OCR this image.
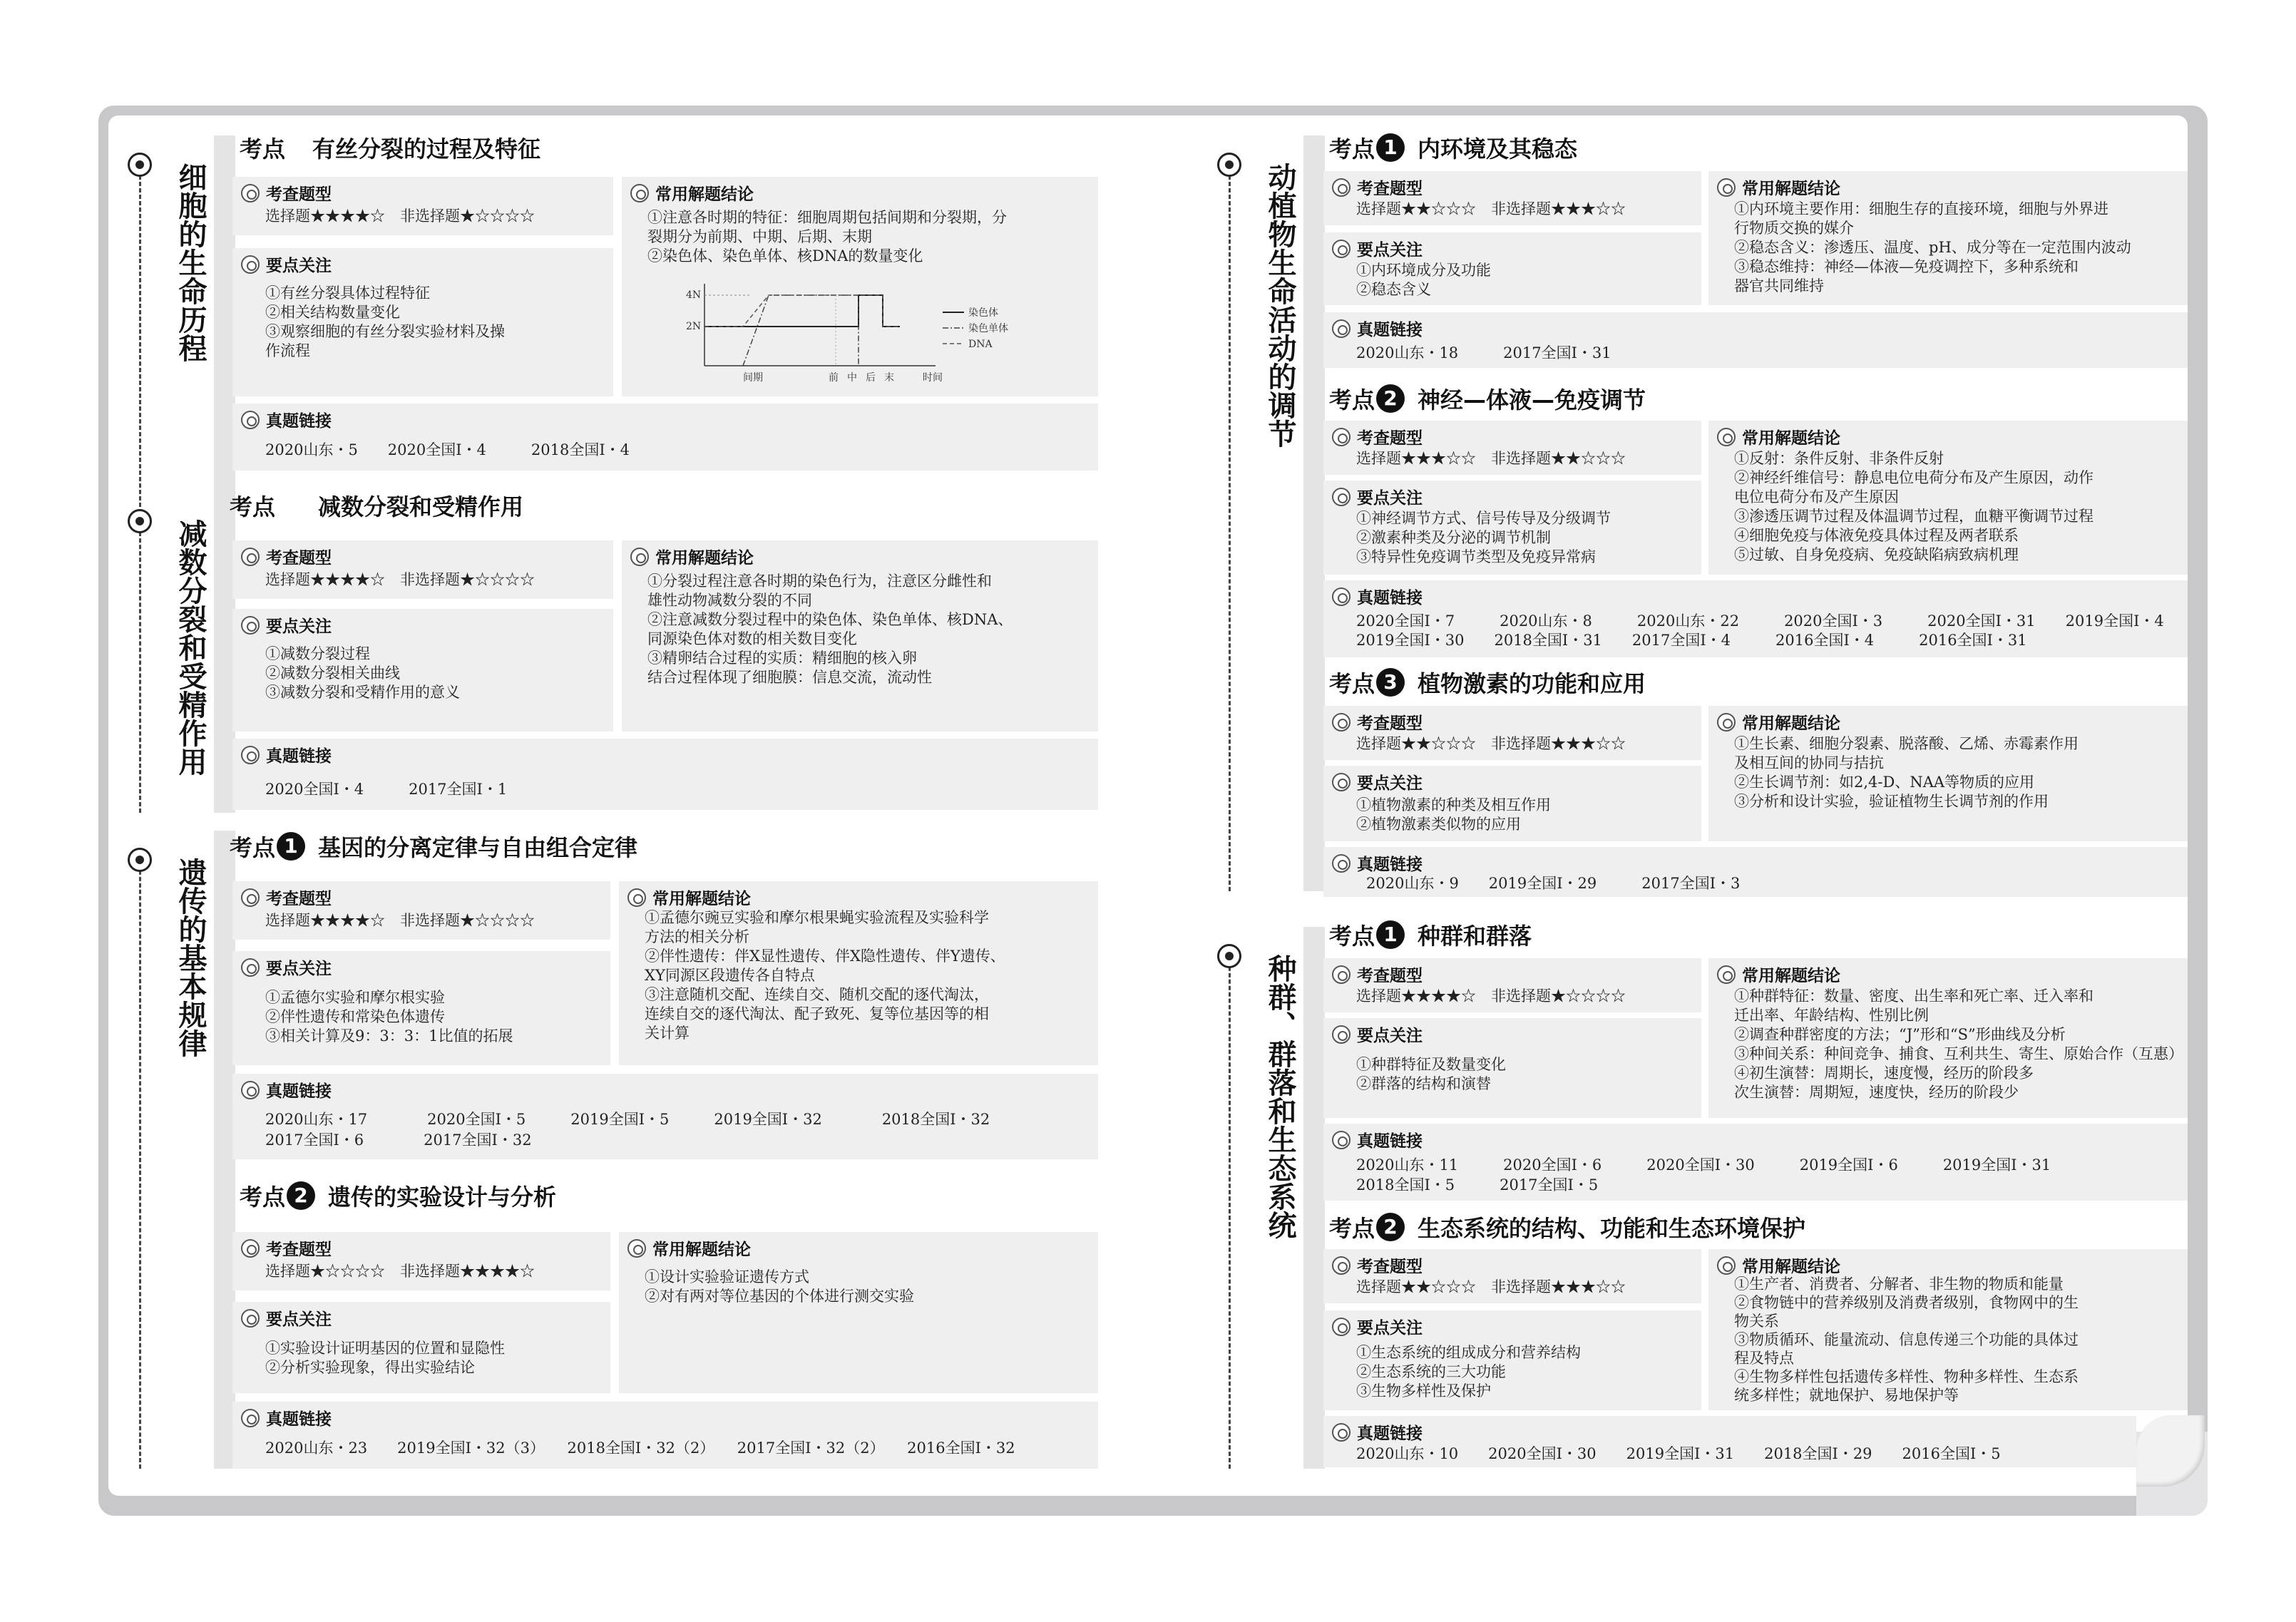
细胞的生命历程
减数分裂和受精作用
遗传的基本规律
考点 有丝分裂的过程及特征
考查题型
选择题★★★★☆　非选择题★☆☆☆☆
要点关注
①有丝分裂具体过程特征
②相关结构数量变化
③观察细胞的有丝分裂实验材料及操
作流程
常用解题结论
①注意各时期的特征：细胞周期包括间期和分裂期，分
裂期分为前期、中期、后期、末期
②染色体、染色单体、核DNA的数量变化
4N
2N
间期	前 中 后 末	时间
染色体
染色单体
DNA
真题链接
2020山东・5　　2020全国Ⅰ・4　　　2018全国Ⅰ・4
考点 减数分裂和受精作用
考查题型
选择题★★★★☆　非选择题★☆☆☆☆
要点关注
①减数分裂过程
②减数分裂相关曲线
③减数分裂和受精作用的意义
常用解题结论
①分裂过程注意各时期的染色行为，注意区分雌性和
雄性动物减数分裂的不同
②注意减数分裂过程中的染色体、染色单体、核DNA、
同源染色体对数的相关数目变化
③精卵结合过程的实质：精细胞的核入卵
结合过程体现了细胞膜：信息交流，流动性
真题链接
2020全国Ⅰ・4　　　2017全国Ⅰ・1
考点 1 基因的分离定律与自由组合定律
考查题型
选择题★★★★☆　非选择题★☆☆☆☆
要点关注
①孟德尔实验和摩尔根实验
②伴性遗传和常染色体遗传
③相关计算及9：3：3：1比值的拓展
常用解题结论
①孟德尔豌豆实验和摩尔根果蝇实验流程及实验科学
方法的相关分析
②伴性遗传：伴X显性遗传、伴X隐性遗传、伴Y遗传、
XY同源区段遗传各自特点
③注意随机交配、连续自交、随机交配的逐代淘汰，
连续自交的逐代淘汰、配子致死、复等位基因等的相
关计算
真题链接
2020山东・17　　　　2020全国Ⅰ・5　　　2019全国Ⅰ・5　　　2019全国Ⅰ・32　　　　2018全国Ⅰ・32
2017全国Ⅰ・6　　　　2017全国Ⅰ・32
考点 2 遗传的实验设计与分析
考查题型
选择题★☆☆☆☆　非选择题★★★★☆
要点关注
①实验设计证明基因的位置和显隐性
②分析实验现象，得出实验结论
常用解题结论
①设计实验验证遗传方式
②对有两对等位基因的个体进行测交实验
真题链接
2020山东・23　　2019全国Ⅰ・32（3）　　2018全国Ⅰ・32（2）　　2017全国Ⅰ・32（2）　　2016全国Ⅰ・32
动植物生命活动的调节
种群、群落和生态系统
考点 1 内环境及其稳态
考查题型
选择题★★☆☆☆　非选择题★★★☆☆
要点关注
①内环境成分及功能
②稳态含义
常用解题结论
①内环境主要作用：细胞生存的直接环境，细胞与外界进
行物质交换的媒介
②稳态含义：渗透压、温度、pH、成分等在一定范围内波动
③稳态维持：神经—体液—免疫调控下，多种系统和
器官共同维持
真题链接
2020山东・18　　　2017全国Ⅰ・31
考点 2 神经—体液—免疫调节
考查题型
选择题★★★☆☆　非选择题★★☆☆☆
要点关注
①神经调节方式、信号传导及分级调节
②激素种类及分泌的调节机制
③特异性免疫调节类型及免疫异常病
常用解题结论
①反射：条件反射、非条件反射
②神经纤维信号：静息电位电荷分布及产生原因，动作
电位电荷分布及产生原因
③渗透压调节过程及体温调节过程，血糖平衡调节过程
④细胞免疫与体液免疫具体过程及两者联系
⑤过敏、自身免疫病、免疫缺陷病致病机理
真题链接
2020全国Ⅰ・7　　　2020山东・8　　　2020山东・22　　　2020全国Ⅰ・3　　　2020全国Ⅰ・31　　2019全国Ⅰ・4
2019全国Ⅰ・30　　2018全国Ⅰ・31　　2017全国Ⅰ・4　　　2016全国Ⅰ・4　　　2016全国Ⅰ・31
考点 3 植物激素的功能和应用
考查题型
选择题★★☆☆☆　非选择题★★★☆☆
要点关注
①植物激素的种类及相互作用
②植物激素类似物的应用
常用解题结论
①生长素、细胞分裂素、脱落酸、乙烯、赤霉素作用
及相互间的协同与拮抗
②生长调节剂：如2,4-D、NAA等物质的应用
③分析和设计实验，验证植物生长调节剂的作用
真题链接
2020山东・9　　2019全国Ⅰ・29　　　2017全国Ⅰ・3
考点 1 种群和群落
考查题型
选择题★★★★☆　非选择题★☆☆☆☆
要点关注
①种群特征及数量变化
②群落的结构和演替
常用解题结论
①种群特征：数量、密度、出生率和死亡率、迁入率和
迁出率、年龄结构、性别比例
②调查种群密度的方法；“J”形和“S”形曲线及分析
③种间关系：种间竞争、捕食、互利共生、寄生、原始合作（互惠）
④初生演替：周期长，速度慢，经历的阶段多
次生演替：周期短，速度快，经历的阶段少
真题链接
2020山东・11　　　2020全国Ⅰ・6　　　2020全国Ⅰ・30　　　2019全国Ⅰ・6　　　2019全国Ⅰ・31
2018全国Ⅰ・5　　　2017全国Ⅰ・5
考点 2 生态系统的结构、功能和生态环境保护
考查题型
选择题★★☆☆☆　非选择题★★★☆☆
要点关注
①生态系统的组成成分和营养结构
②生态系统的三大功能
③生物多样性及保护
常用解题结论
①生产者、消费者、分解者、非生物的物质和能量
②食物链中的营养级别及消费者级别，食物网中的生
物关系
③物质循环、能量流动、信息传递三个功能的具体过
程及特点
④生物多样性包括遗传多样性、物种多样性、生态系
统多样性；就地保护、易地保护等
真题链接
2020山东・10　　2020全国Ⅰ・30　　2019全国Ⅰ・31　　2018全国Ⅰ・29　　2016全国Ⅰ・5
